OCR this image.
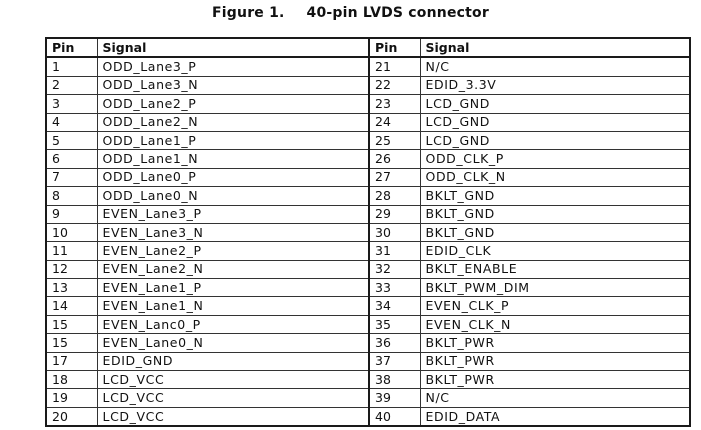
Figure 1. 40-pin LVDS connector
Pin	Signal	Pin	Signal
1	ODD_Lane3_P	21	N/C
2	ODD_Lane3_N	22	EDID_3.3V
3	ODD_Lane2_P	23	LCD_GND
4	ODD_Lane2_N	24	LCD_GND
5	ODD_Lane1_P	25	LCD_GND
6	ODD_Lane1_N	26	ODD_CLK_P
7	ODD_Lane0_P	27	ODD_CLK_N
8	ODD_Lane0_N	28	BKLT_GND
9	EVEN_Lane3_P	29	BKLT_GND
10	EVEN_Lane3_N	30	BKLT_GND
11	EVEN_Lane2_P	31	EDID_CLK
12	EVEN_Lane2_N	32	BKLT_ENABLE
13	EVEN_Lane1_P	33	BKLT_PWM_DIM
14	EVEN_Lane1_N	34	EVEN_CLK_P
15	EVEN_Lanc0_P	35	EVEN_CLK_N
15	EVEN_Lane0_N	36	BKLT_PWR
17	EDID_GND	37	BKLT_PWR
18	LCD_VCC	38	BKLT_PWR
19	LCD_VCC	39	N/C
20	LCD_VCC	40	EDID_DATA
